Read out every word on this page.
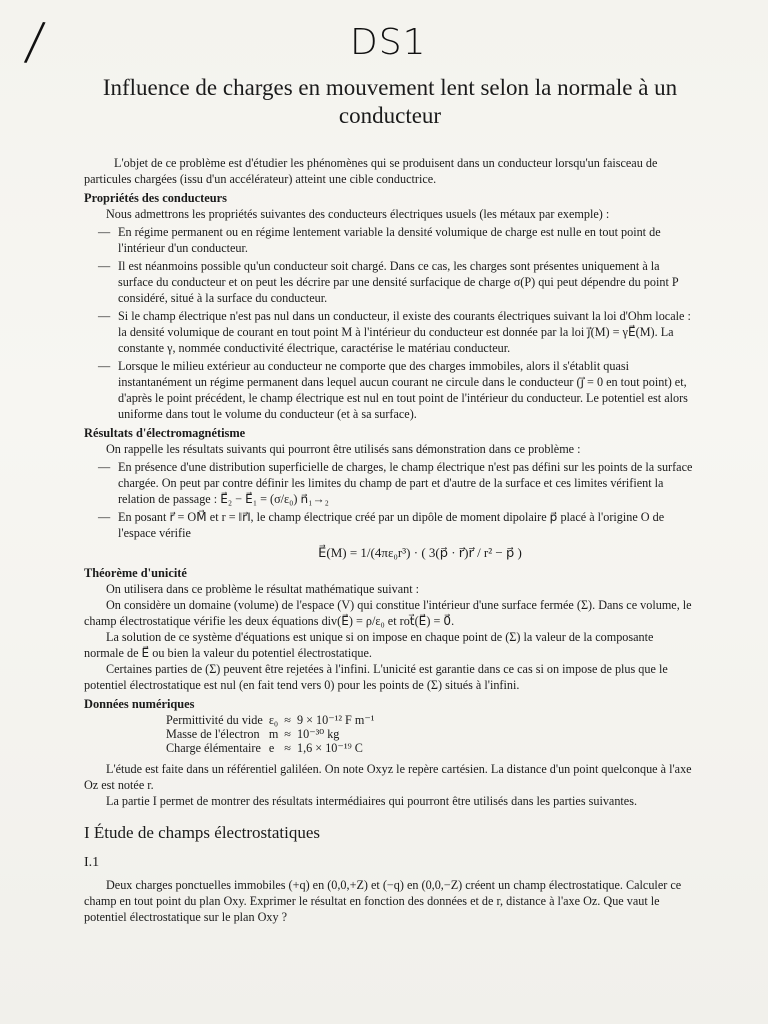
/	DS1
Influence de charges en mouvement lent selon la normale à un conducteur

L'objet de ce problème est d'étudier les phénomènes qui se produisent dans un conducteur lorsqu'un faisceau de particules chargées (issu d'un accélérateur) atteint une cible conductrice.

Propriétés des conducteurs

Nous admettrons les propriétés suivantes des conducteurs électriques usuels (les métaux par exemple) :

— En régime permanent ou en régime lentement variable la densité volumique de charge est nulle en tout point de l'intérieur d'un conducteur.
— Il est néanmoins possible qu'un conducteur soit chargé. Dans ce cas, les charges sont présentes uniquement à la surface du conducteur et on peut les décrire par une densité surfacique de charge σ(P) qui peut dépendre du point P considéré, situé à la surface du conducteur.
— Si le champ électrique n'est pas nul dans un conducteur, il existe des courants électriques suivant la loi d'Ohm locale : la densité volumique de courant en tout point M à l'intérieur du conducteur est donnée par la loi j⃗(M) = γE⃗(M). La constante γ, nommée conductivité électrique, caractérise le matériau conducteur.
— Lorsque le milieu extérieur au conducteur ne comporte que des charges immobiles, alors il s'établit quasi instantanément un régime permanent dans lequel aucun courant ne circule dans le conducteur (j⃗ = 0 en tout point) et, d'après le point précédent, le champ électrique est nul en tout point de l'intérieur du conducteur. Le potentiel est alors uniforme dans tout le volume du conducteur (et à sa surface).
Résultats d'électromagnétisme

On rappelle les résultats suivants qui pourront être utilisés sans démonstration dans ce problème :

— En présence d'une distribution superficielle de charges, le champ électrique n'est pas défini sur les points de la surface chargée. On peut par contre définir les limites du champ de part et d'autre de la surface et ces limites vérifient la relation de passage : E⃗₂ − E⃗₁ = (σ/ε₀) n⃗₁→₂
— En posant r⃗ = OM⃗ et r = ‖r⃗‖, le champ électrique créé par un dipôle de moment dipolaire p⃗ placé à l'origine O de l'espace vérifie
E⃗(M) = 1/(4πε₀r³) · ( 3(p⃗ · r⃗)r⃗ / r² − p⃗ )
Théorème d'unicité

On utilisera dans ce problème le résultat mathématique suivant :

On considère un domaine (volume) de l'espace (V) qui constitue l'intérieur d'une surface fermée (Σ). Dans ce volume, le champ électrostatique vérifie les deux équations div(E⃗) = ρ/ε₀ et rot⃗(E⃗) = 0⃗.

La solution de ce système d'équations est unique si on impose en chaque point de (Σ) la valeur de la composante normale de E⃗ ou bien la valeur du potentiel électrostatique.

Certaines parties de (Σ) peuvent être rejetées à l'infini. L'unicité est garantie dans ce cas si on impose de plus que le potentiel électrostatique est nul (en fait tend vers 0) pour les points de (Σ) situés à l'infini.

Données numériques
Permittivité du vide	ε₀	≈	9 × 10⁻¹² F m⁻¹
Masse de l'électron	m	≈	10⁻³⁰ kg
Charge élémentaire	e	≈	1,6 × 10⁻¹⁹ C

L'étude est faite dans un référentiel galiléen. On note Oxyz le repère cartésien. La distance d'un point quelconque à l'axe Oz est notée r.

La partie I permet de montrer des résultats intermédiaires qui pourront être utilisés dans les parties suivantes.

I Étude de champs électrostatiques
I.1

Deux charges ponctuelles immobiles (+q) en (0,0,+Z) et (−q) en (0,0,−Z) créent un champ électrostatique. Calculer ce champ en tout point du plan Oxy. Exprimer le résultat en fonction des données et de r, distance à l'axe Oz. Que vaut le potentiel électrostatique sur le plan Oxy ?
